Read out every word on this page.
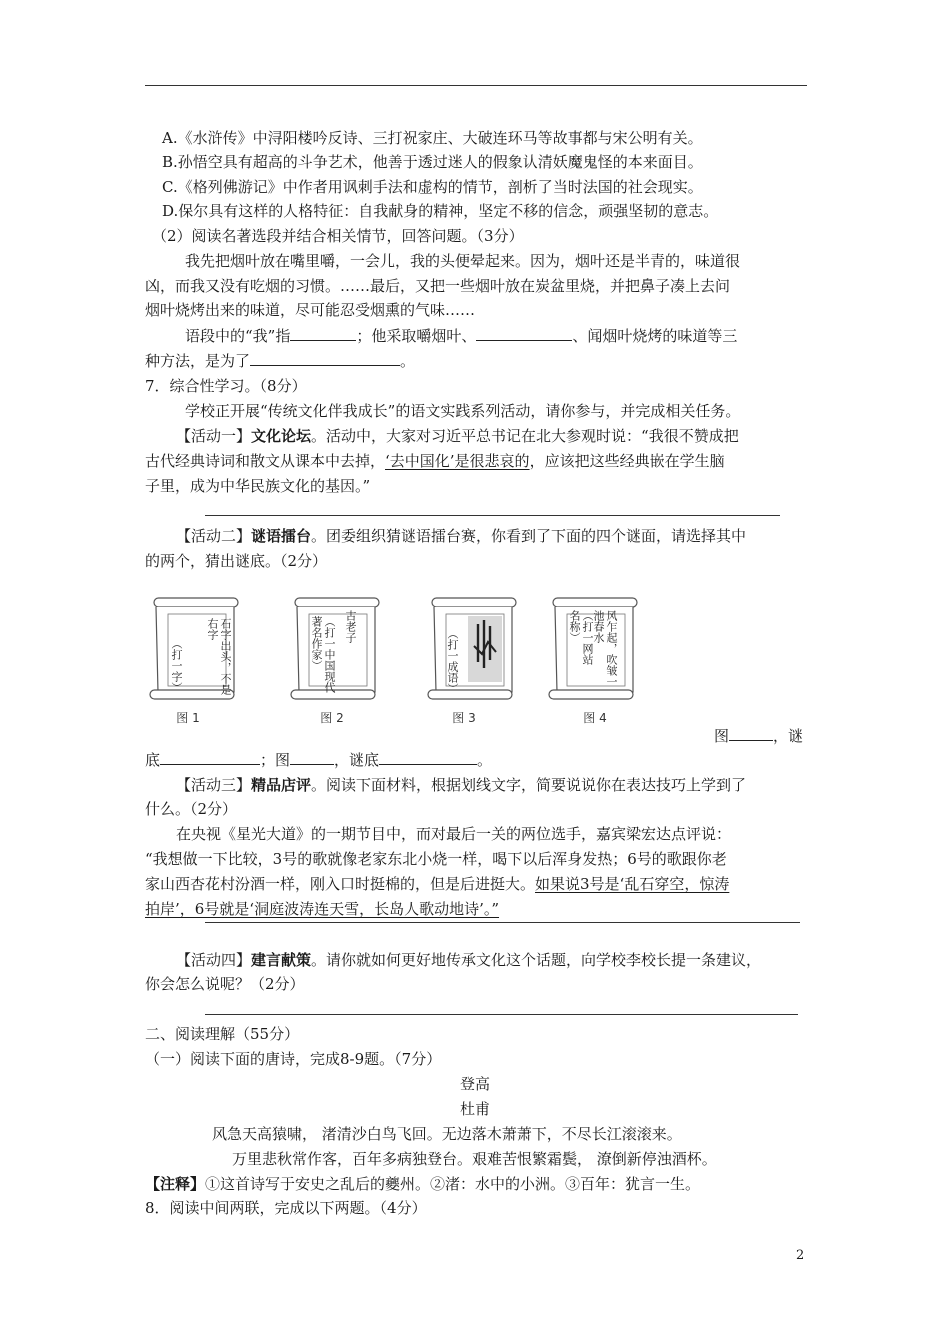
A.《水浒传》中浔阳楼吟反诗、三打祝家庄、大破连环马等故事都与宋公明有关。
B.孙悟空具有超高的斗争艺术，他善于透过迷人的假象认清妖魔鬼怪的本来面目。
C.《格列佛游记》中作者用讽刺手法和虚构的情节，剖析了当时法国的社会现实。
D.保尔具有这样的人格特征：自我献身的精神，坚定不移的信念，顽强坚韧的意志。
（2）阅读名著选段并结合相关情节，回答问题。（3分）
我先把烟叶放在嘴里嚼，一会儿，我的头便晕起来。因为，烟叶还是半青的，味道很
凶，而我又没有吃烟的习惯。……最后，又把一些烟叶放在炭盆里烧，并把鼻子凑上去问
烟叶烧烤出来的味道，尽可能忍受烟熏的气味……
语段中的“我”指	；他采取嚼烟叶、	、闻烟叶烧烤的味道等三
种方法，是为了	。
7．综合性学习。（8分）
学校正开展“传统文化伴我成长”的语文实践系列活动，请你参与，并完成相关任务。
【活动一】文化论坛。活动中，大家对习近平总书记在北大参观时说：“我很不赞成把
古代经典诗词和散文从课本中去掉，‘去中国化’是很悲哀的，应该把这些经典嵌在学生脑
子里，成为中华民族文化的基因。”
【活动二】谜语擂台。团委组织猜谜语擂台赛，你看到了下面的四个谜面，请选择其中
的两个，猜出谜底。（2分）
石字出头，不是右字
（打一字）
图 1
古老子
（打一中国现代著名作家）
图 2
（打一成语）
图 3
风乍起，吹皱一池春水
（打一网站名称）
图 4
图	，谜
底	；图	，谜底	。
【活动三】精品店评。阅读下面材料，根据划线文字，简要说说你在表达技巧上学到了
什么。（2分）
在央视《星光大道》的一期节目中，而对最后一关的两位选手，嘉宾梁宏达点评说：
“我想做一下比较，3号的歌就像老家东北小烧一样，喝下以后浑身发热；6号的歌跟你老
家山西杏花村汾酒一样，刚入口时挺棉的，但是后进挺大。如果说3号是‘乱石穿空，惊涛
拍岸’，6号就是‘洞庭波涛连天雪，长岛人歌动地诗’。”
【活动四】建言献策。请你就如何更好地传承文化这个话题，向学校李校长提一条建议，
你会怎么说呢？（2分）
二、阅读理解（55分）
（一）阅读下面的唐诗，完成8-9题。（7分）
登高
杜甫
风急天高猿啸， 渚清沙白鸟飞回。无边落木萧萧下，不尽长江滚滚来。
万里悲秋常作客，百年多病独登台。艰难苦恨繁霜鬓， 潦倒新停浊酒杯。
【注释】①这首诗写于安史之乱后的夔州。②渚：水中的小洲。③百年：犹言一生。
8．阅读中间两联，完成以下两题。（4分）
2
